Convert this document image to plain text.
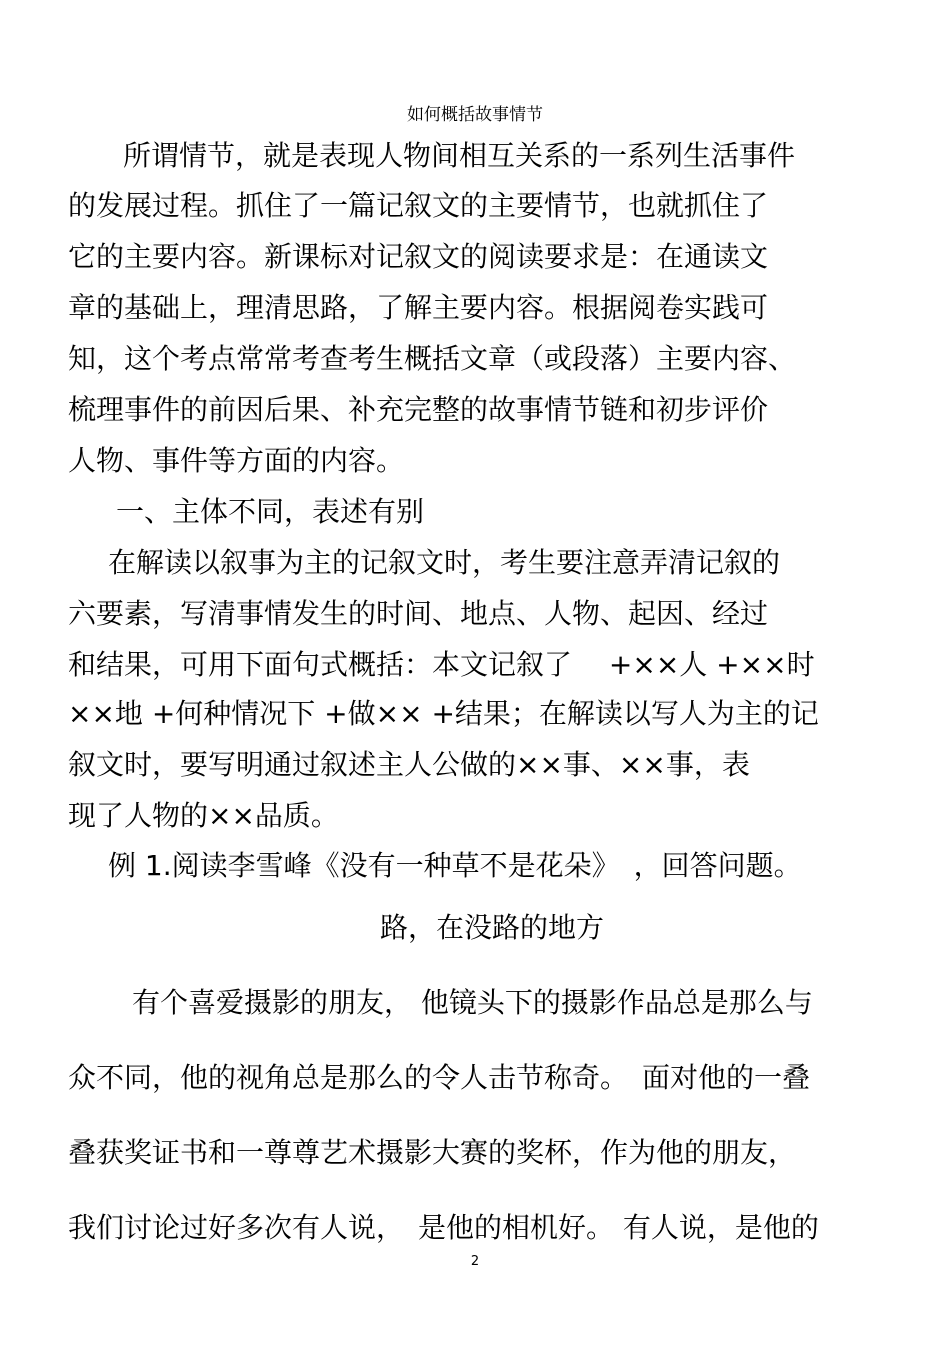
如何概括故事情节
所谓情节，就是表现人物间相互关系的一系列生活事件
的发展过程。抓住了一篇记叙文的主要情节，也就抓住了
它的主要内容。新课标对记叙文的阅读要求是：在通读文
章的基础上，理清思路，了解主要内容。根据阅卷实践可
知，这个考点常常考查考生概括文章（或段落）主要内容、
梳理事件的前因后果、补充完整的故事情节链和初步评价
人物、事件等方面的内容。
一、主体不同，表述有别
在解读以叙事为主的记叙文时，考生要注意弄清记叙的
六要素，写清事情发生的时间、地点、人物、起因、经过
和结果，可用下面句式概括：本文记叙了　 +××人 +××时
××地 +何种情况下 +做×× +结果；在解读以写人为主的记
叙文时，要写明通过叙述主人公做的××事、××事，表
现了人物的××品质。
例 1.阅读李雪峰《没有一种草不是花朵》　，回答问题。
路，在没路的地方
有个喜爱摄影的朋友， 他镜头下的摄影作品总是那么与
众不同，他的视角总是那么的令人击节称奇。　面对他的一叠
叠获奖证书和一尊尊艺术摄影大赛的奖杯，作为他的朋友，
我们讨论过好多次有人说，　是他的相机好。 有人说，是他的
2
